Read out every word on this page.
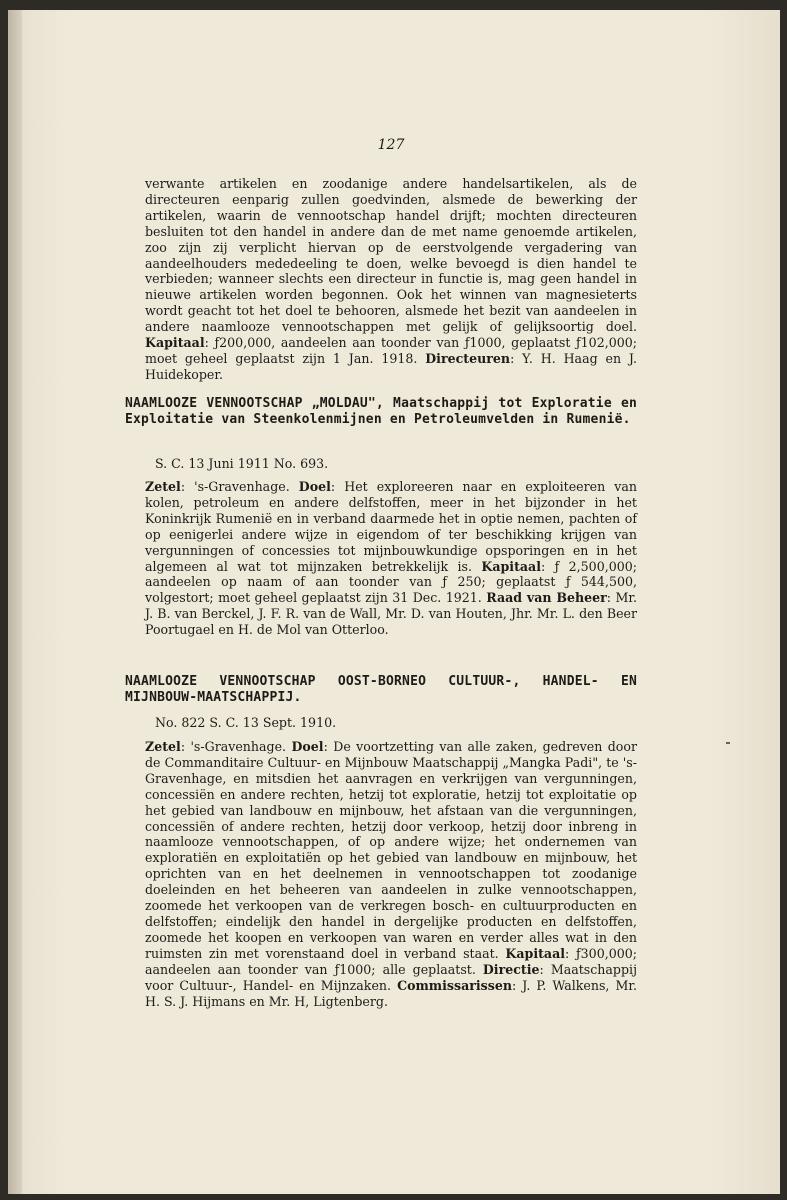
127

verwante artikelen en zoodanige andere handelsartikelen, als de directeuren eenparig zullen goedvinden, alsmede de bewerking der artikelen, waarin de vennootschap handel drijft; mochten directeuren besluiten tot den handel in andere dan de met name genoemde artikelen, zoo zijn zij verplicht hiervan op de eerstvolgende vergadering van aandeelhouders mededeeling te doen, welke bevoegd is dien handel te verbieden; wanneer slechts een directeur in functie is, mag geen handel in nieuwe artikelen worden begonnen. Ook het winnen van magnesieterts wordt geacht tot het doel te behooren, alsmede het bezit van aandeelen in andere naamlooze vennootschappen met gelijk of gelijksoortig doel. Kapitaal: ƒ200,000, aandeelen aan toonder van ƒ1000, geplaatst ƒ102,000; moet geheel geplaatst zijn 1 Jan. 1918. Directeuren: Y. H. Haag en J. Huidekoper.

NAAMLOOZE VENNOOTSCHAP „MOLDAU", Maatschappij tot Exploratie en Exploitatie van Steenkolenmijnen en Petroleumvelden in Rumenië.

S. C. 13 Juni 1911 No. 693.

Zetel: 's-Gravenhage. Doel: Het exploreeren naar en exploiteeren van kolen, petroleum en andere delfstoffen, meer in het bijzonder in het Koninkrijk Rumenië en in verband daarmede het in optie nemen, pachten of op eenigerlei andere wijze in eigendom of ter beschikking krijgen van vergunningen of concessies tot mijnbouwkundige opsporingen en in het algemeen al wat tot mijnzaken betrekkelijk is. Kapitaal: ƒ 2,500,000; aandeelen op naam of aan toonder van ƒ 250; geplaatst ƒ 544,500, volgestort; moet geheel geplaatst zijn 31 Dec. 1921. Raad van Beheer: Mr. J. B. van Berckel, J. F. R. van de Wall, Mr. D. van Houten, Jhr. Mr. L. den Beer Poortugael en H. de Mol van Otterloo.

NAAMLOOZE VENNOOTSCHAP OOST-BORNEO CULTUUR-, HANDEL- EN MIJNBOUW-MAATSCHAPPIJ.

No. 822 S. C. 13 Sept. 1910.

Zetel: 's-Gravenhage. Doel: De voortzetting van alle zaken, gedreven door de Commanditaire Cultuur- en Mijnbouw Maatschappij „Mangka Padi", te 's-Gravenhage, en mitsdien het aanvragen en verkrijgen van vergunningen, concessiën en andere rechten, hetzij tot exploratie, hetzij tot exploitatie op het gebied van landbouw en mijnbouw, het afstaan van die vergunningen, concessiën of andere rechten, hetzij door verkoop, hetzij door inbreng in naamlooze vennootschappen, of op andere wijze; het ondernemen van exploratiën en exploitatiën op het gebied van landbouw en mijnbouw, het oprichten van en het deelnemen in vennootschappen tot zoodanige doeleinden en het beheeren van aandeelen in zulke vennootschappen, zoomede het verkoopen van de verkregen bosch- en cultuurproducten en delfstoffen; eindelijk den handel in dergelijke producten en delfstoffen, zoomede het koopen en verkoopen van waren en verder alles wat in den ruimsten zin met vorenstaand doel in verband staat. Kapitaal: ƒ300,000; aandeelen aan toonder van ƒ1000; alle geplaatst. Directie: Maatschappij voor Cultuur-, Handel- en Mijnzaken. Commissarissen: J. P. Walkens, Mr. H. S. J. Hijmans en Mr. H, Ligtenberg.
